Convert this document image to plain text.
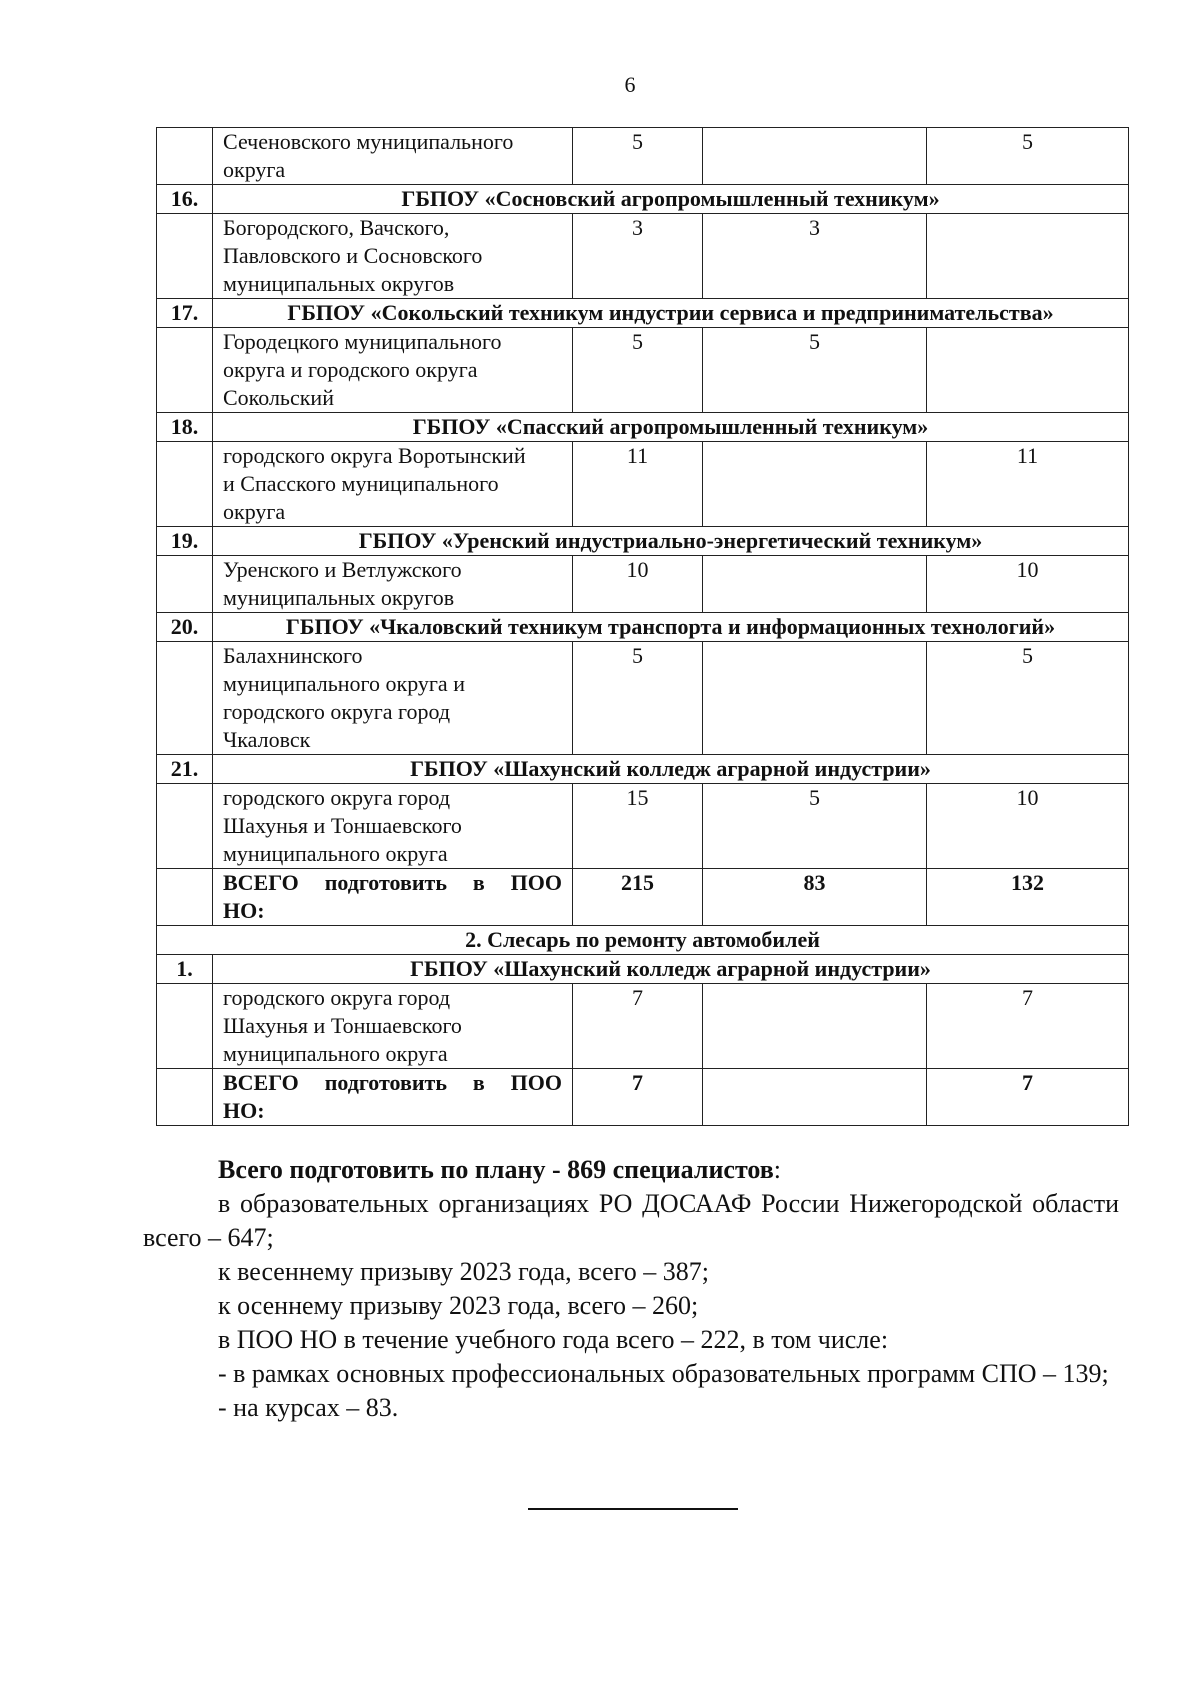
6

	Сеченовского муниципального
округа	5		5
16.	ГБПОУ «Сосновский агропромышленный техникум»			

	Богородского, Вачского,
Павловского и Сосновского
муниципальных округов	3	3	
17.	ГБПОУ «Сокольский техникум индустрии сервиса и предпринимательства»			

	Городецкого муниципального
округа и городского округа
Сокольский	5	5	
18.	ГБПОУ «Спасский агропромышленный техникум»			

	городского округа Воротынский
и Спасского муниципального
округа	11		11
19.	ГБПОУ «Уренский индустриально-энергетический техникум»			

	Уренского и Ветлужского
муниципальных округов	10		10
20.	ГБПОУ «Чкаловский техникум транспорта и информационных технологий»			

	Балахнинского
муниципального округа и
городского округа город
Чкаловск	5		5
21.	ГБПОУ «Шахунский колледж аграрной индустрии»			

	городского округа город
Шахунья и Тоншаевского
муниципального округа	15	5	10

	ВСЕГО подготовить в ПОО
НО:	215	83	132
2. Слесарь по ремонту автомобилей				
1.	ГБПОУ «Шахунский колледж аграрной индустрии»			

	городского округа город
Шахунья и Тоншаевского
муниципального округа	7		7

	ВСЕГО подготовить в ПОО
НО:	7		7

Всего подготовить по плану - 869 специалистов:

в образовательных организациях РО ДОСААФ России Нижегородской области всего – 647;

к весеннему призыву 2023 года, всего – 387;

к осеннему призыву 2023 года, всего – 260;

в ПОО НО в течение учебного года всего – 222, в том числе:

- в рамках основных профессиональных образовательных программ СПО – 139;

- на курсах – 83.
